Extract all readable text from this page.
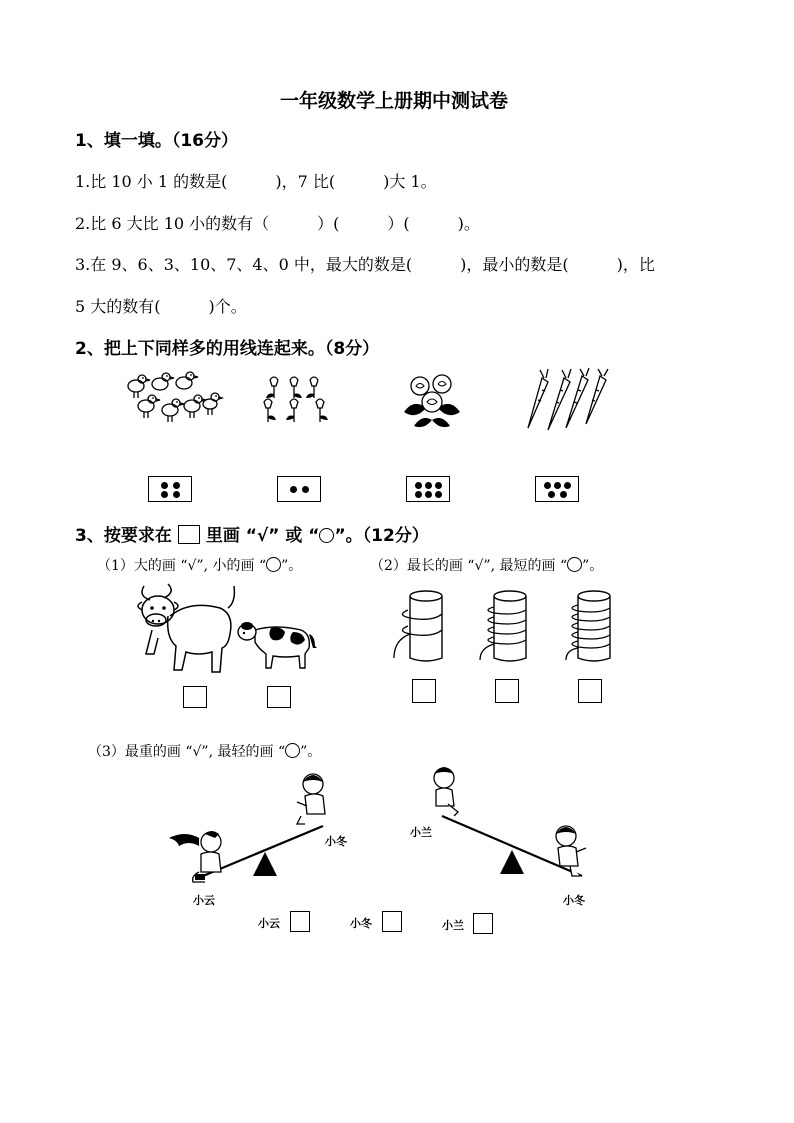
一年级数学上册期中测试卷
1、填一填。（16分）
1.比 10 小 1 的数是(　　　)，7 比(　　　)大 1。
2.比 6 大比 10 小的数有（　　　）(　　　）(　　　)。
3.在 9、6、3、10、7、4、0 中，最大的数是(　　　)，最小的数是(　　　)，比
5 大的数有(　　　)个。
2、把上下同样多的用线连起来。（8分）
3、按要求在 里画 “√” 或 “ ”。（12分）
（1）大的画 “√”, 小的画 “ ”。	（2）最长的画 “√”, 最短的画 “ ”。
（3）最重的画 “√”, 最轻的画 “ ”。
小云
小冬
小兰
小冬
小云	小冬	小兰
